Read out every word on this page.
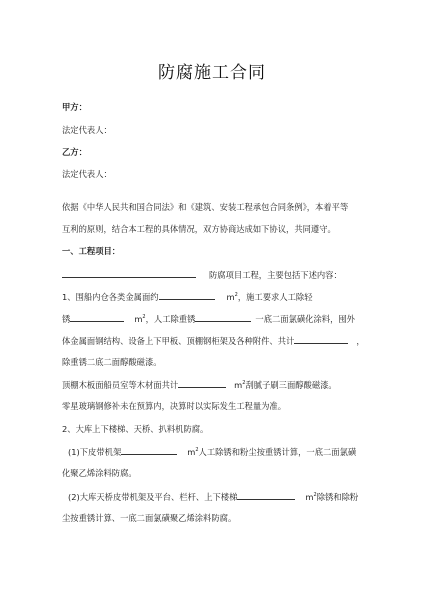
防腐施工合同
甲方：
法定代表人：
乙方：
法定代表人：
依据《中华人民共和国合同法》和《建筑、安装工程承包合同条例》，本着平等
互利的原则，结合本工程的具体情况，双方协商达成如下协议，共同遵守。
一、工程项目：
防腐项目工程，主要包括下述内容：
1、围船内仓各类金属面约	$m^2$，施工要求人工除轻
锈	$m^2$，人工除重锈	一底二面氯磺化涂料，囤外
体金属面钢结构、设备上下甲板、顶棚钢柜架及各种附件、共计	，
除重锈二底二面醇酸磁漆。
顶棚木板面船员室等木材面共计	$m^2$刮腻子刷三面醇酸磁漆。
零星玻璃钢修补未在预算内，决算时以实际发生工程量为准。
2、大库上下楼梯、天桥、扒料机防腐。
(1)下皮带机架	$m^2$人工除锈和粉尘按重锈计算，一底二面氯磺
化聚乙烯涂料防腐。
(2)大库天桥皮带机架及平台、栏杆、上下楼梯	$m^2$除锈和除粉
尘按重锈计算、一底二面氯磺聚乙烯涂料防腐。
